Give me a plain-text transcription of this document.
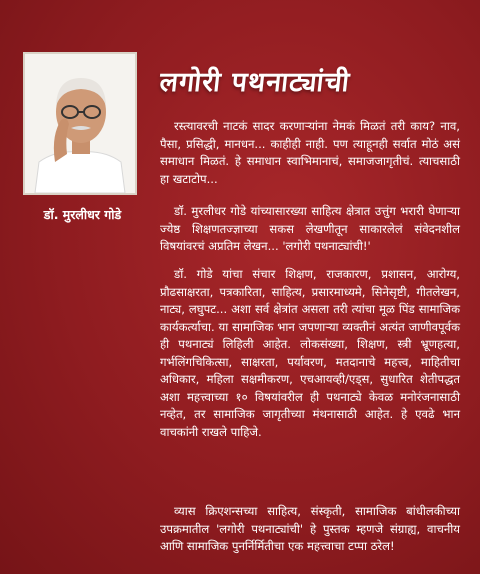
डॉ. मुरलीधर गोडे
लगोरी पथनाट्यांची

रस्त्यावरची नाटकं सादर करणाऱ्यांना नेमकं मिळतं तरी काय? नाव, पैसा, प्रसिद्धी, मानधन... काहीही नाही. पण त्याहूनही सर्वात मोठं असं समाधान मिळतं. हे समाधान स्वाभिमानाचं, समाजजागृतीचं. त्याचसाठी हा खटाटोप...

डॉ. मुरलीधर गोडे यांच्यासारख्या साहित्य क्षेत्रात उत्तुंग भरारी घेणाऱ्या ज्येष्ठ शिक्षणतज्ज्ञाच्या सकस लेखणीतून साकारलेलं संवेदनशील विषयांवरचं अप्रतिम लेखन... 'लगोरी पथनाट्यांची!'

डॉ. गोडे यांचा संचार शिक्षण, राजकारण, प्रशासन, आरोग्य, प्रौढसाक्षरता, पत्रकारिता, साहित्य, प्रसारमाध्यमे, सिनेसृष्टी, गीतलेखन, नाट्य, लघुपट... अशा सर्व क्षेत्रांत असला तरी त्यांचा मूळ पिंड सामाजिक कार्यकर्त्याचा. या सामाजिक भान जपणाऱ्या व्यक्तीनं अत्यंत जाणीवपूर्वक ही पथनाट्यं लिहिली आहेत. लोकसंख्या, शिक्षण, स्त्री भ्रूणहत्या, गर्भलिंगचिकित्सा, साक्षरता, पर्यावरण, मतदानाचे महत्त्व, माहितीचा अधिकार, महिला सक्षमीकरण, एचआयव्ही/एड्स, सुधारित शेतीपद्धत अशा महत्त्वाच्या १० विषयांवरील ही पथनाट्ये केवळ मनोरंजनासाठी नव्हेत, तर सामाजिक जागृतीच्या मंथनासाठी आहेत. हे एवढे भान वाचकांनी राखले पाहिजे.

व्यास क्रिएशन्सच्या साहित्य, संस्कृती, सामाजिक बांधीलकीच्या उपक्रमातील 'लगोरी पथनाट्यांची' हे पुस्तक म्हणजे संग्राह्य, वाचनीय आणि सामाजिक पुनर्निर्मितीचा एक महत्त्वाचा टप्पा ठरेल!
